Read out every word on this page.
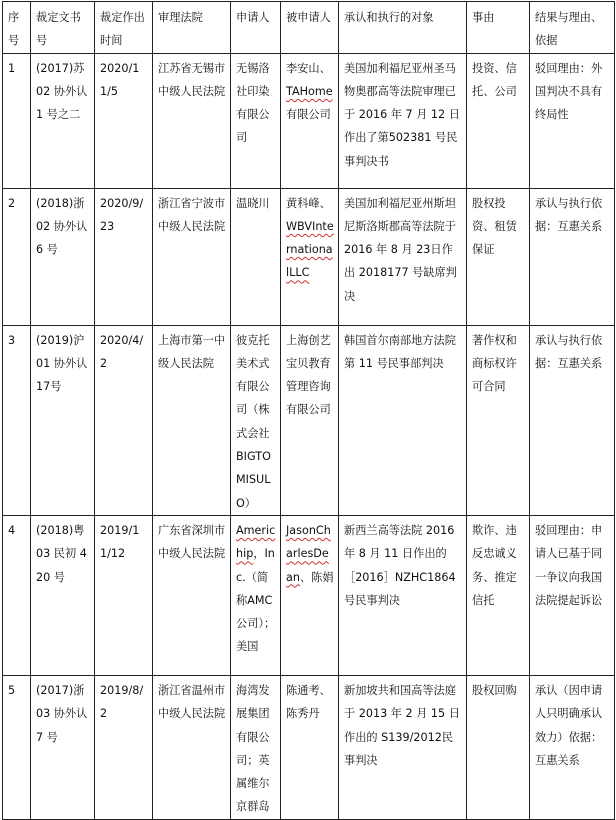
序号	裁定文书号	裁定作出时间	审理法院	申请人	被申请人	承认和执行的对象	事由	结果与理由、依据
1	(2017)苏 02 协外认 1 号之二	2020/11/5	江苏省无锡市中级人民法院	无锡洛社印染有限公司	李安山、TAHome有限公司	美国加利福尼亚州圣马物奥郡高等法院审理已于 2016 年 7 月 12 日作出了第502381 号民事判决书	投资、信托、公司	驳回理由：外国判决不具有终局性
2	(2018)浙 02 协外认 6 号	2020/9/23	浙江省宁波市中级人民法院	温晓川	黄科峰、WBVInternationalLLC	美国加利福尼亚州斯坦尼斯洛斯郡高等法院于 2016 年 8 月 23日作出 2018177 号缺席判决	股权投资、租赁保证	承认与执行依据：互惠关系
3	(2019)沪 01 协外认 17号	2020/4/2	上海市第一中级人民法院	彼克托美术式有限公司（株式会社BIGTOMISULO）	上海创艺宝贝教育管理咨询有限公司	韩国首尔南部地方法院第 11 号民事部判决	著作权和商标权许可合同	承认与执行依据：互惠关系
4	(2018)粤 03 民初 420 号	2019/11/12	广东省深圳市中级人民法院	Americhip，Inc.（简称AMC 公司）；美国	JasonCharlesDean、陈娟	新西兰高等法院 2016年 8 月 11 日作出的［2016］NZHC1864号民事判决	欺诈、违反忠诚义务、推定信托	驳回理由：申请人已基于同一争议向我国法院提起诉讼
5	(2017)浙 03 协外认 7 号	2019/8/2	浙江省温州市中级人民法院	海湾发展集团有限公司；英属维尔京群岛	陈通考、陈秀丹	新加坡共和国高等法庭于 2013 年 2 月 15 日作出的 S139/2012民事判决	股权回购	承认（因申请人只明确承认效力）依据：互惠关系
